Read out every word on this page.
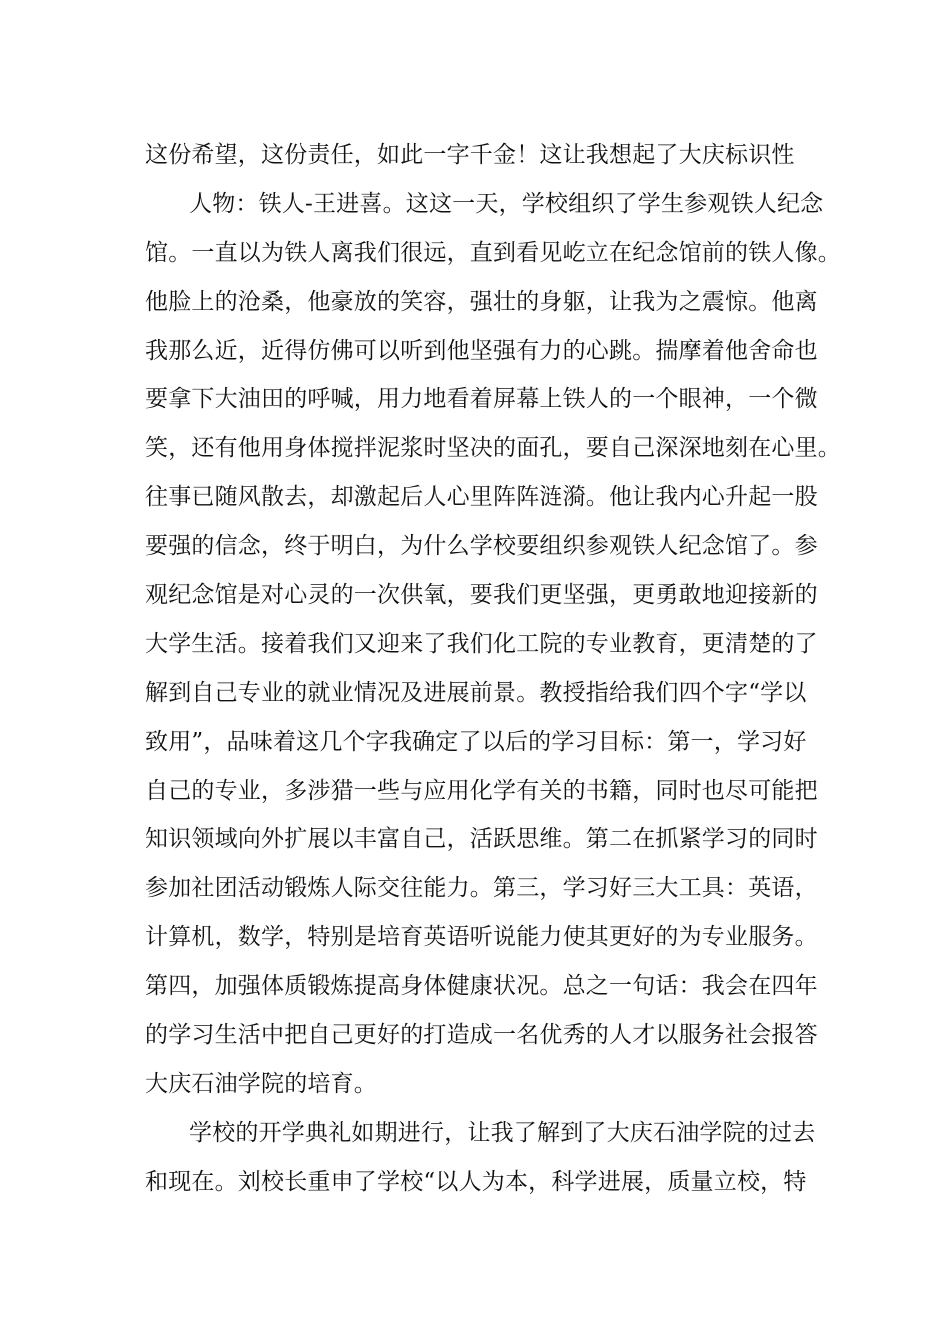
这份希望，这份责任，如此一字千金！这让我想起了大庆标识性
人物：铁人-王进喜。这这一天，学校组织了学生参观铁人纪念
馆。一直以为铁人离我们很远，直到看见屹立在纪念馆前的铁人像。
他脸上的沧桑，他豪放的笑容，强壮的身躯，让我为之震惊。他离
我那么近，近得仿佛可以听到他坚强有力的心跳。揣摩着他舍命也
要拿下大油田的呼喊，用力地看着屏幕上铁人的一个眼神，一个微
笑，还有他用身体搅拌泥浆时坚决的面孔，要自己深深地刻在心里。
往事已随风散去，却激起后人心里阵阵涟漪。他让我内心升起一股
要强的信念，终于明白，为什么学校要组织参观铁人纪念馆了。参
观纪念馆是对心灵的一次供氧，要我们更坚强，更勇敢地迎接新的
大学生活。接着我们又迎来了我们化工院的专业教育，更清楚的了
解到自己专业的就业情况及进展前景。教授指给我们四个字“学以
致用”，品味着这几个字我确定了以后的学习目标：第一，学习好
自己的专业，多涉猎一些与应用化学有关的书籍，同时也尽可能把
知识领域向外扩展以丰富自己，活跃思维。第二在抓紧学习的同时
参加社团活动锻炼人际交往能力。第三，学习好三大工具：英语，
计算机，数学，特别是培育英语听说能力使其更好的为专业服务。
第四，加强体质锻炼提高身体健康状况。总之一句话：我会在四年
的学习生活中把自己更好的打造成一名优秀的人才以服务社会报答
大庆石油学院的培育。
学校的开学典礼如期进行，让我了解到了大庆石油学院的过去
和现在。刘校长重申了学校“以人为本，科学进展，质量立校，特
